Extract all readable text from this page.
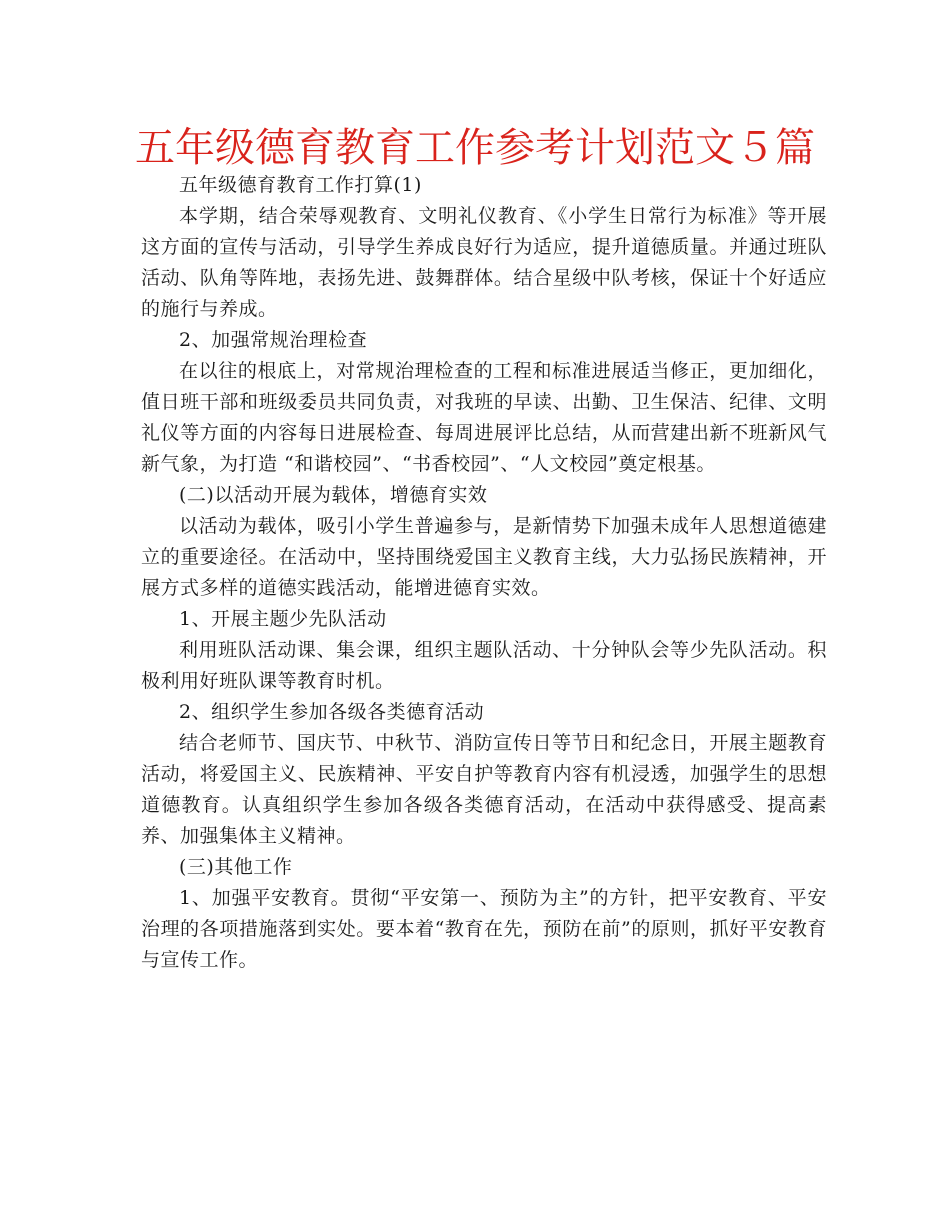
五年级德育教育工作参考计划范文５篇

五年级德育教育工作打算(1)

本学期，结合荣辱观教育、文明礼仪教育、《小学生日常行为标准》等开展这方面的宣传与活动，引导学生养成良好行为适应，提升道德质量。并通过班队活动、队角等阵地，表扬先进、鼓舞群体。结合星级中队考核，保证十个好适应的施行与养成。

2、加强常规治理检查

在以往的根底上，对常规治理检查的工程和标准进展适当修正，更加细化，值日班干部和班级委员共同负责，对我班的早读、出勤、卫生保洁、纪律、文明礼仪等方面的内容每日进展检查、每周进展评比总结，从而营建出新不班新风气新气象，为打造 “和谐校园”、“书香校园”、“人文校园”奠定根基。

(二)以活动开展为载体，增德育实效

以活动为载体，吸引小学生普遍参与，是新情势下加强未成年人思想道德建立的重要途径。在活动中，坚持围绕爱国主义教育主线，大力弘扬民族精神，开展方式多样的道德实践活动，能增进德育实效。

1、开展主题少先队活动

利用班队活动课、集会课，组织主题队活动、十分钟队会等少先队活动。积极利用好班队课等教育时机。

2、组织学生参加各级各类德育活动

结合老师节、国庆节、中秋节、消防宣传日等节日和纪念日，开展主题教育活动，将爱国主义、民族精神、平安自护等教育内容有机浸透，加强学生的思想道德教育。认真组织学生参加各级各类德育活动，在活动中获得感受、提高素养、加强集体主义精神。

(三)其他工作

1、加强平安教育。贯彻“平安第一、预防为主”的方针，把平安教育、平安治理的各项措施落到实处。要本着“教育在先，预防在前”的原则，抓好平安教育与宣传工作。
